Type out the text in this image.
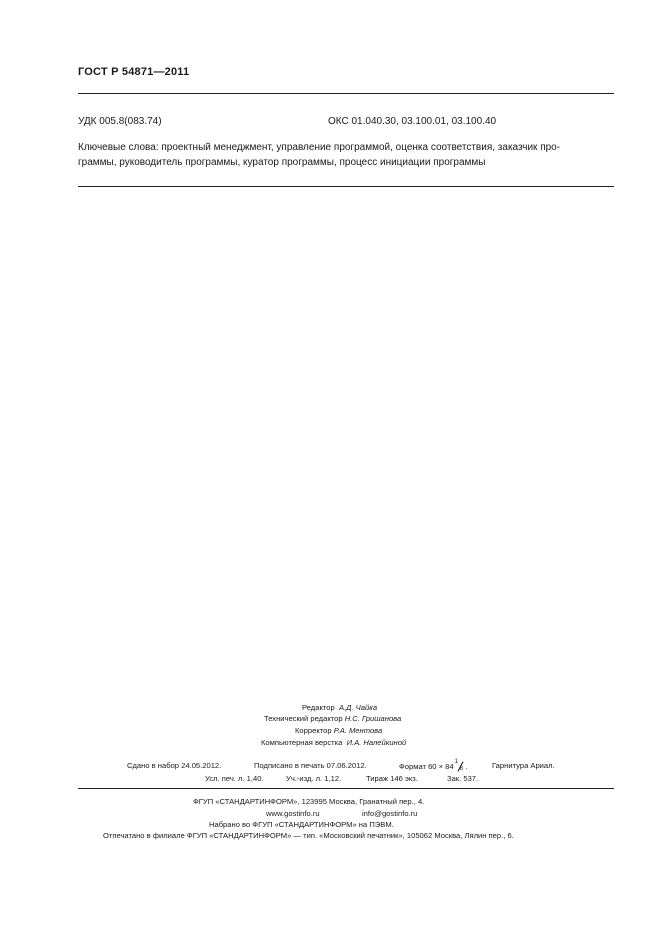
ГОСТ Р 54871—2011
УДК 005.8(083.74)	ОКС 01.040.30, 03.100.01, 03.100.40
Ключевые слова: проектный менеджмент, управление программой, оценка соответствия, заказчик про-
граммы, руководитель программы, куратор программы, процесс инициации программы
Редактор А.Д. Чайка
Технический редактор Н.С. Гришанова
Корректор Р.А. Ментова
Компьютерная верстка И.А. Налейкиной
Сдано в набор 24.05.2012.	Подписано в печать 07.06.2012.	Формат 60 × 84 1
8 .	Гарнитура Ариал.
Усл. печ. л. 1,40.	Уч.-изд. л. 1,12.	Тираж 146 экз.	Зак. 537.
ФГУП «СТАНДАРТИНФОРМ», 123995 Москва, Гранатный пер., 4.
www.gostinfo.ru	info@gostinfo.ru
Набрано во ФГУП «СТАНДАРТИНФОРМ» на ПЭВМ.
Отпечатано в филиале ФГУП «СТАНДАРТИНФОРМ» — тип. «Московский печатник», 105062 Москва, Лялин пер., 6.
